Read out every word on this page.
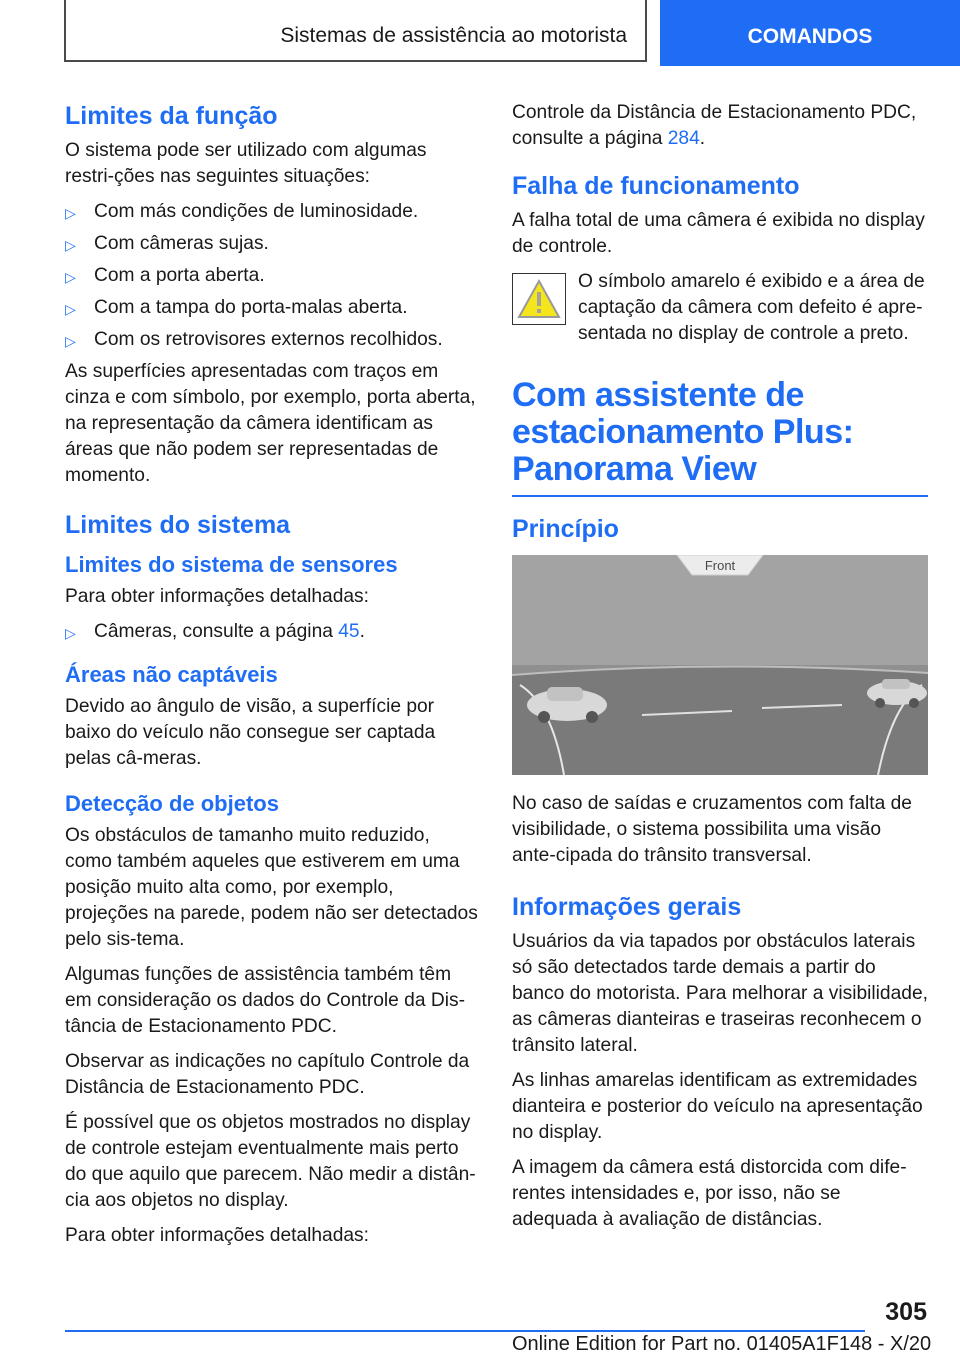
Sistemas de assistência ao motorista	COMANDOS
Limites da função

O sistema pode ser utilizado com algumas restri-ções nas seguintes situações:

▷ Com más condições de luminosidade.
▷ Com câmeras sujas.
▷ Com a porta aberta.
▷ Com a tampa do porta-malas aberta.
▷ Com os retrovisores externos recolhidos.

As superfícies apresentadas com traços em cinza e com símbolo, por exemplo, porta aberta, na representação da câmera identificam as áreas que não podem ser representadas de momento.

Limites do sistema
Limites do sistema de sensores

Para obter informações detalhadas:

▷ Câmeras, consulte a página 45.
Áreas não captáveis

Devido ao ângulo de visão, a superfície por baixo do veículo não consegue ser captada pelas câ-meras.

Detecção de objetos

Os obstáculos de tamanho muito reduzido, como também aqueles que estiverem em uma posição muito alta como, por exemplo, projeções na parede, podem não ser detectados pelo sis-tema.

Algumas funções de assistência também têm em consideração os dados do Controle da Dis-tância de Estacionamento PDC.

Observar as indicações no capítulo Controle da Distância de Estacionamento PDC.

É possível que os objetos mostrados no display de controle estejam eventualmente mais perto do que aquilo que parecem. Não medir a distân-cia aos objetos no display.

Para obter informações detalhadas:

Controle da Distância de Estacionamento PDC, consulte a página 284.

Falha de funcionamento

A falha total de uma câmera é exibida no display de controle.

O símbolo amarelo é exibido e a área de captação da câmera com defeito é apre-sentada no display de controle a preto.
Com assistente de estacionamento Plus: Panorama View
Princípio
Front

No caso de saídas e cruzamentos com falta de visibilidade, o sistema possibilita uma visão ante-cipada do trânsito transversal.

Informações gerais

Usuários da via tapados por obstáculos laterais só são detectados tarde demais a partir do banco do motorista. Para melhorar a visibilidade, as câmeras dianteiras e traseiras reconhecem o trânsito lateral.

As linhas amarelas identificam as extremidades dianteira e posterior do veículo na apresentação no display.

A imagem da câmera está distorcida com dife-rentes intensidades e, por isso, não se adequada à avaliação de distâncias.

305
Online Edition for Part no. 01405A1F148 - X/20
